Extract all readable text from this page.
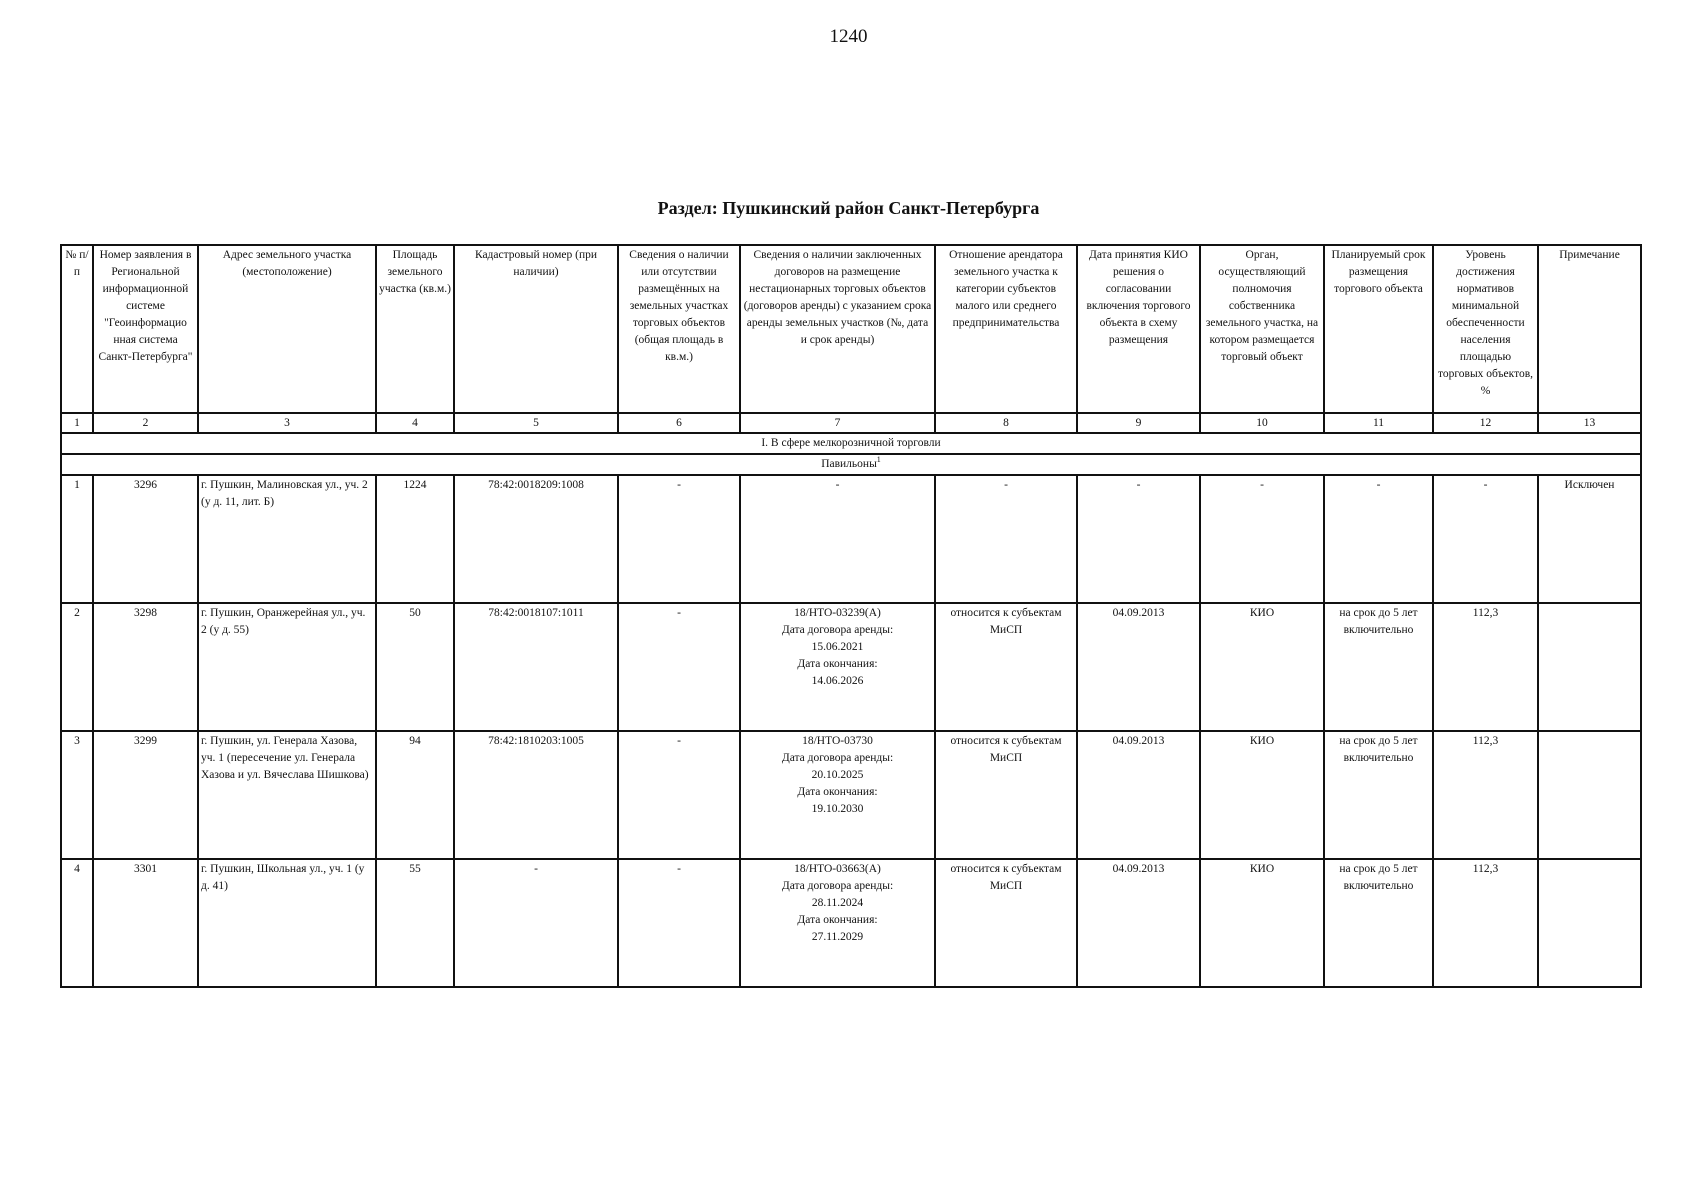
1240
Раздел: Пушкинский район Санкт-Петербурга
№ п/п	Номер заявления в Региональной информационной системе "Геоинформацио нная система Санкт-Петербурга"	Адрес земельного участка (местоположение)	Площадь земельного участка (кв.м.)	Кадастровый номер (при наличии)	Сведения о наличии или отсутствии размещённых на земельных участках торговых объектов (общая площадь в кв.м.)	Сведения о наличии заключенных договоров на размещение нестационарных торговых объектов (договоров аренды) с указанием срока аренды земельных участков (№, дата и срок аренды)	Отношение арендатора земельного участка к категории субъектов малого или среднего предпринимательства	Дата принятия КИО решения о согласовании включения торгового объекта в схему размещения	Орган, осуществляющий полномочия собственника земельного участка, на котором размещается торговый объект	Планируемый срок размещения торгового объекта	Уровень достижения нормативов минимальной обеспеченности населения площадью торговых объектов, %	Примечание
1	2	3	4	5	6	7	8	9	10	11	12	13
I. В сфере мелкорозничной торговли												
Павильоны$^1$
1	3296	г. Пушкин, Малиновская ул., уч. 2 (у д. 11, лит. Б)	1224	78:42:0018209:1008	-	-	-	-	-	-	-	Исключен
2	3298	г. Пушкин, Оранжерейная ул., уч. 2 (у д. 55)	50	78:42:0018107:1011	-	18/НТО-03239(А)
Дата договора аренды:
15.06.2021
Дата окончания:
14.06.2026	относится к субъектам МиСП	04.09.2013	КИО	на срок до 5 лет включительно	112,3	
3	3299	г. Пушкин, ул. Генерала Хазова, уч. 1 (пересечение ул. Генерала Хазова и ул. Вячеслава Шишкова)	94	78:42:1810203:1005	-	18/НТО-03730
Дата договора аренды:
20.10.2025
Дата окончания:
19.10.2030	относится к субъектам МиСП	04.09.2013	КИО	на срок до 5 лет включительно	112,3	
4	3301	г. Пушкин, Школьная ул., уч. 1 (у д. 41)	55	-	-	18/НТО-03663(А)
Дата договора аренды:
28.11.2024
Дата окончания:
27.11.2029	относится к субъектам МиСП	04.09.2013	КИО	на срок до 5 лет включительно	112,3	
